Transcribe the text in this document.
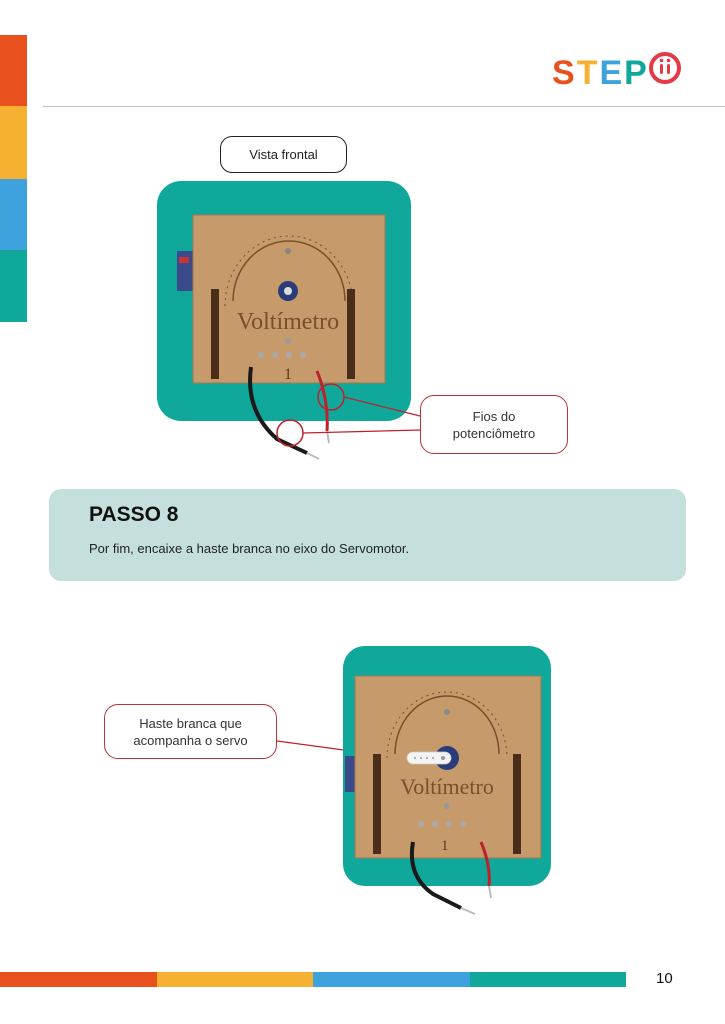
STEP
Vista frontal
Voltímetro
1
Fios do
potenciômetro
PASSO 8
Por fim, encaixe a haste branca no eixo do Servomotor.
Voltímetro
1
Haste branca que
acompanha o servo
10
